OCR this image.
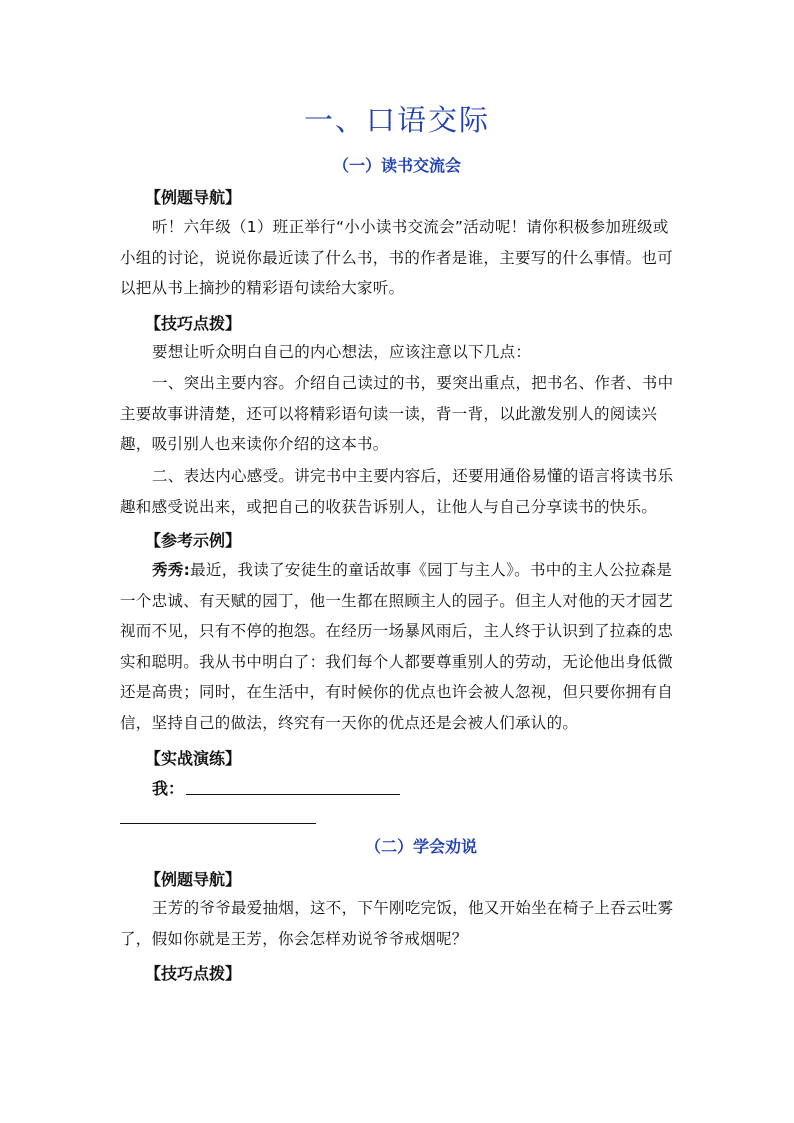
一、口语交际
（一）读书交流会
【例题导航】
听！六年级（1）班正举行“小小读书交流会”活动呢！请你积极参加班级或小组的讨论，说说你最近读了什么书，书的作者是谁，主要写的什么事情。也可以把从书上摘抄的精彩语句读给大家听。
【技巧点拨】
要想让听众明白自己的内心想法，应该注意以下几点：
一、突出主要内容。介绍自己读过的书，要突出重点，把书名、作者、书中主要故事讲清楚，还可以将精彩语句读一读，背一背，以此激发别人的阅读兴趣，吸引别人也来读你介绍的这本书。
二、表达内心感受。讲完书中主要内容后，还要用通俗易懂的语言将读书乐趣和感受说出来，或把自己的收获告诉别人，让他人与自己分享读书的快乐。
【参考示例】
秀秀:最近，我读了安徒生的童话故事《园丁与主人》。书中的主人公拉森是一个忠诚、有天赋的园丁，他一生都在照顾主人的园子。但主人对他的天才园艺视而不见，只有不停的抱怨。在经历一场暴风雨后，主人终于认识到了拉森的忠实和聪明。我从书中明白了：我们每个人都要尊重别人的劳动，无论他出身低微还是高贵；同时，在生活中，有时候你的优点也许会被人忽视，但只要你拥有自信，坚持自己的做法，终究有一天你的优点还是会被人们承认的。
【实战演练】
我：
（二）学会劝说
【例题导航】
王芳的爷爷最爱抽烟，这不，下午刚吃完饭，他又开始坐在椅子上吞云吐雾了，假如你就是王芳，你会怎样劝说爷爷戒烟呢？
【技巧点拨】
